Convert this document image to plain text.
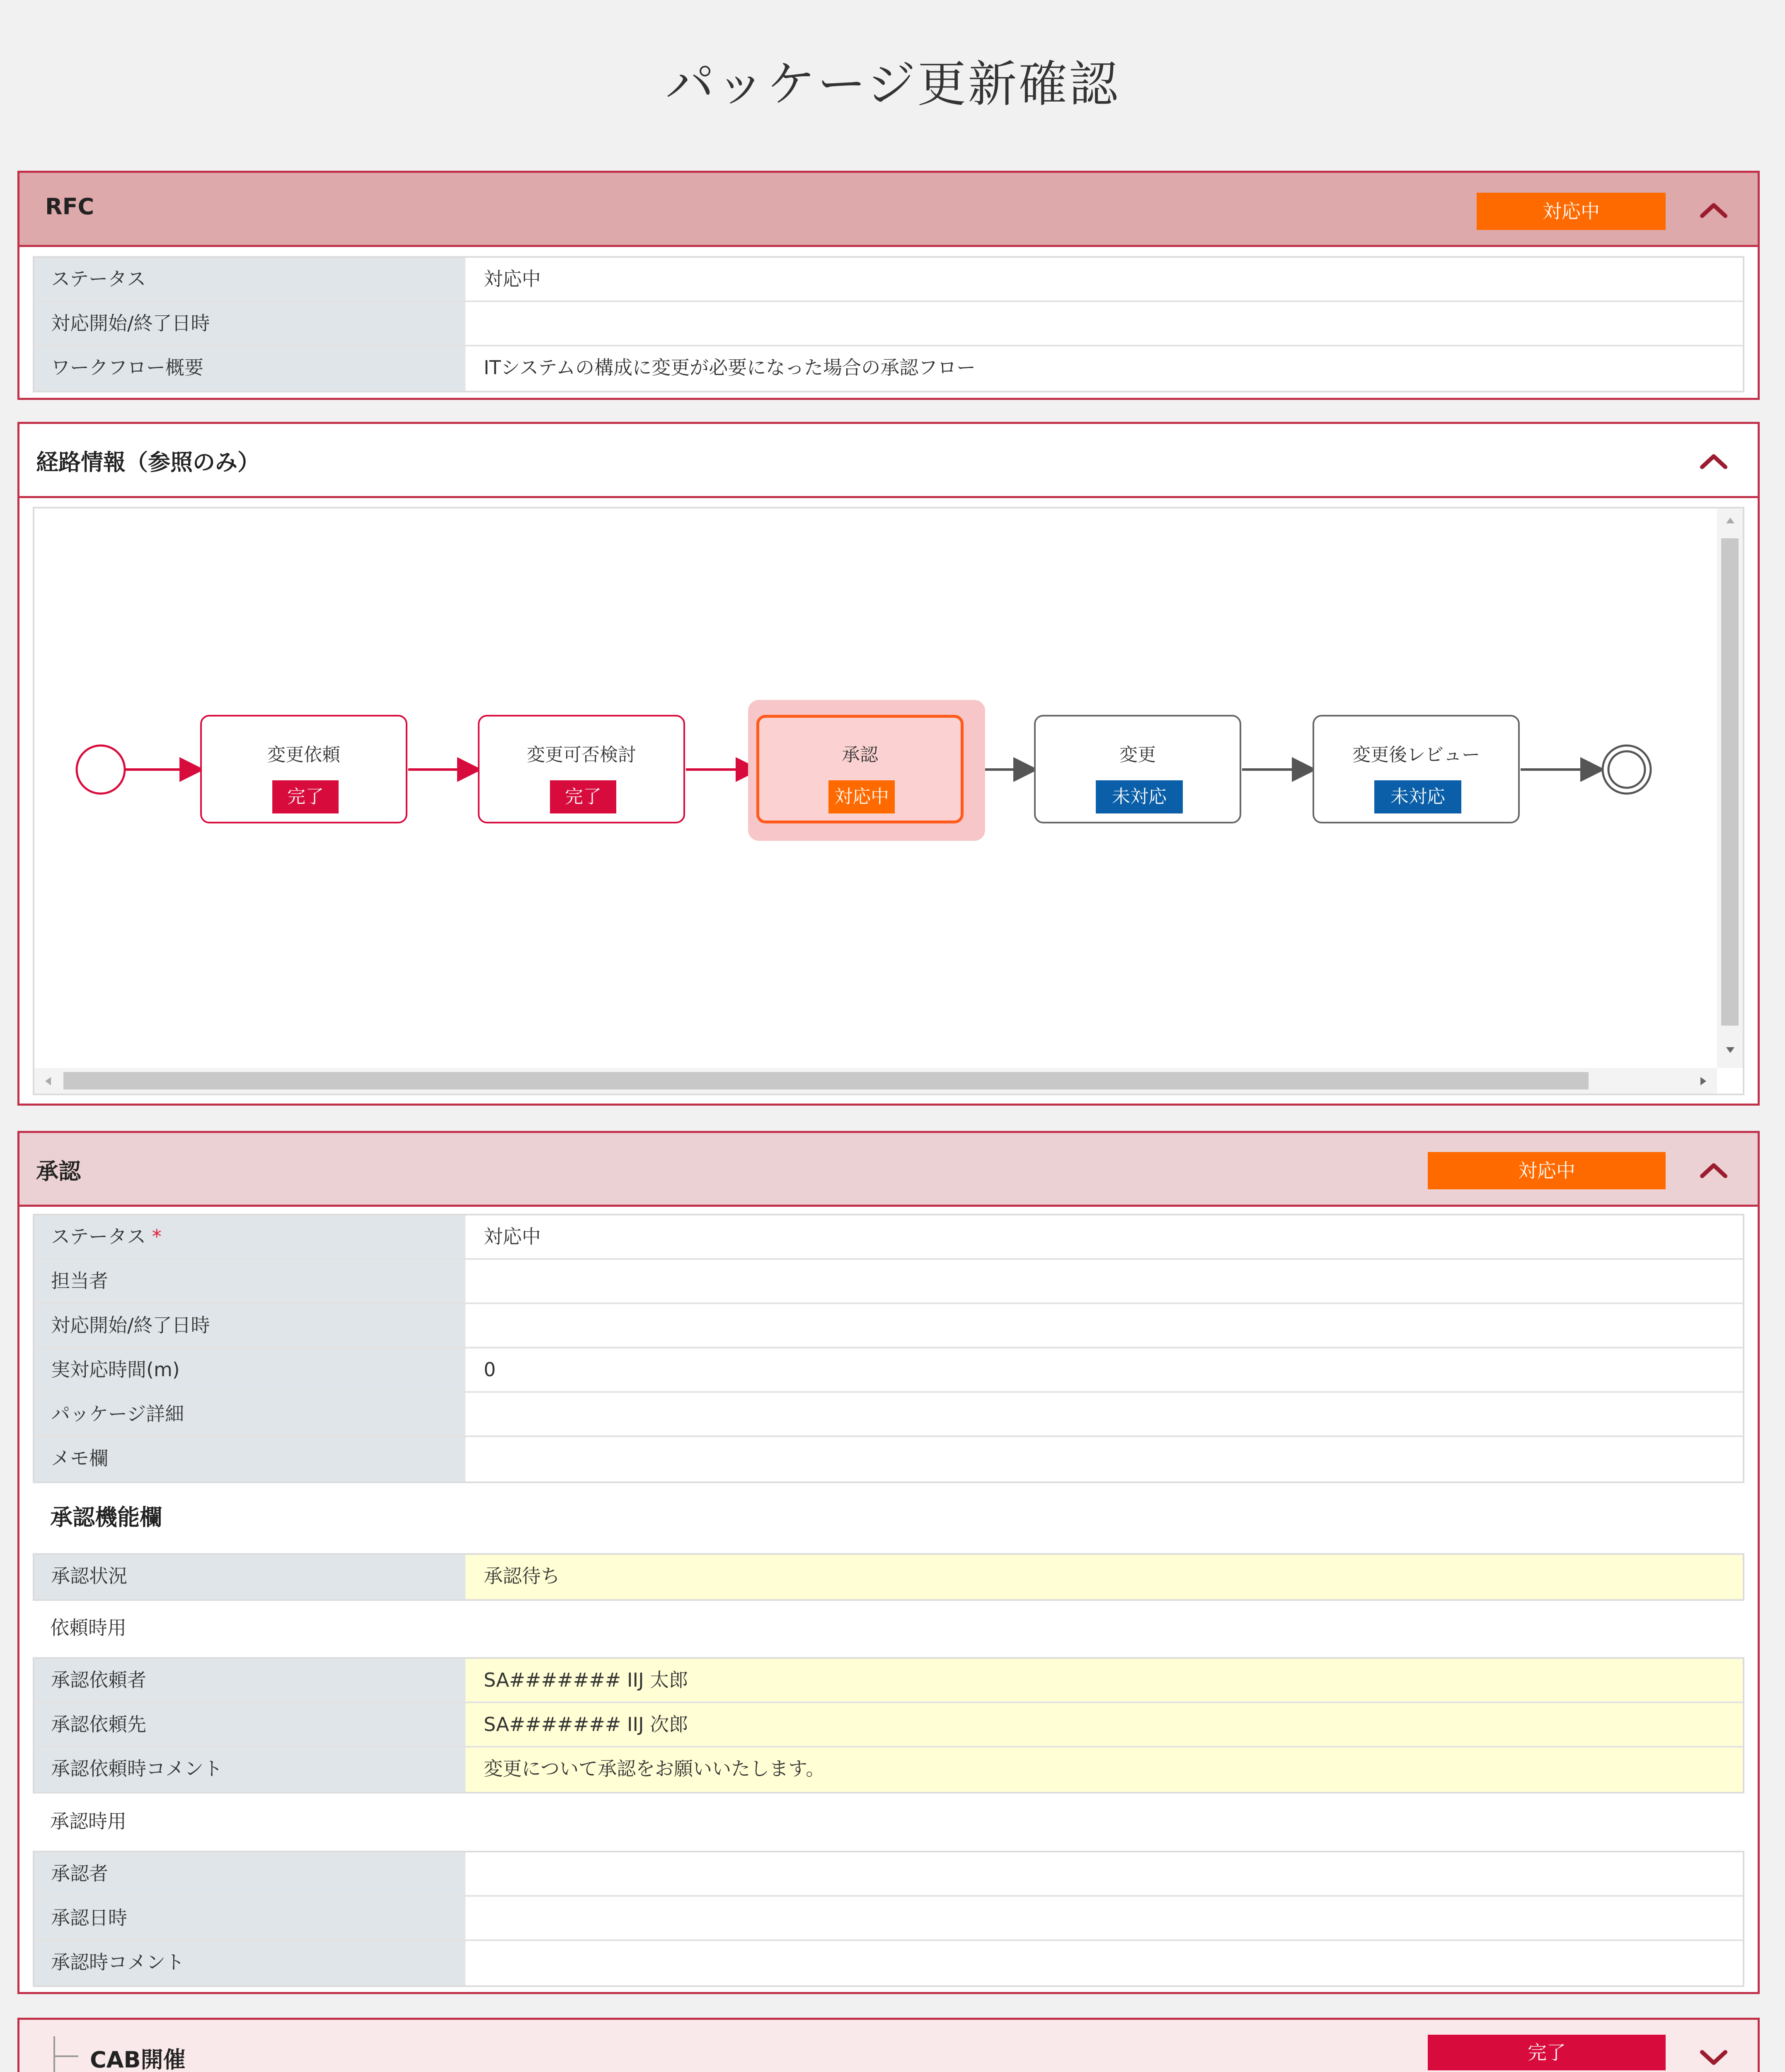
パッケージ更新確認
RFC	対応中
ステータス	対応中
対応開始/終了日時
ワークフロー概要	ITシステムの構成に変更が必要になった場合の承認フロー
経路情報（参照のみ）
変更依頼
完了
変更可否検討
完了
承認
対応中
変更
未対応
変更後レビュー
未対応
承認	対応中
ステータス *	対応中
担当者
対応開始/終了日時
実対応時間(m)	0
パッケージ詳細
メモ欄
承認機能欄
承認状況	承認待ち
依頼時用
承認依頼者	SA####### IIJ 太郎
承認依頼先	SA####### IIJ 次郎
承認依頼時コメント	変更について承認をお願いいたします。
承認時用
承認者
承認日時
承認時コメント
CAB開催	完了
